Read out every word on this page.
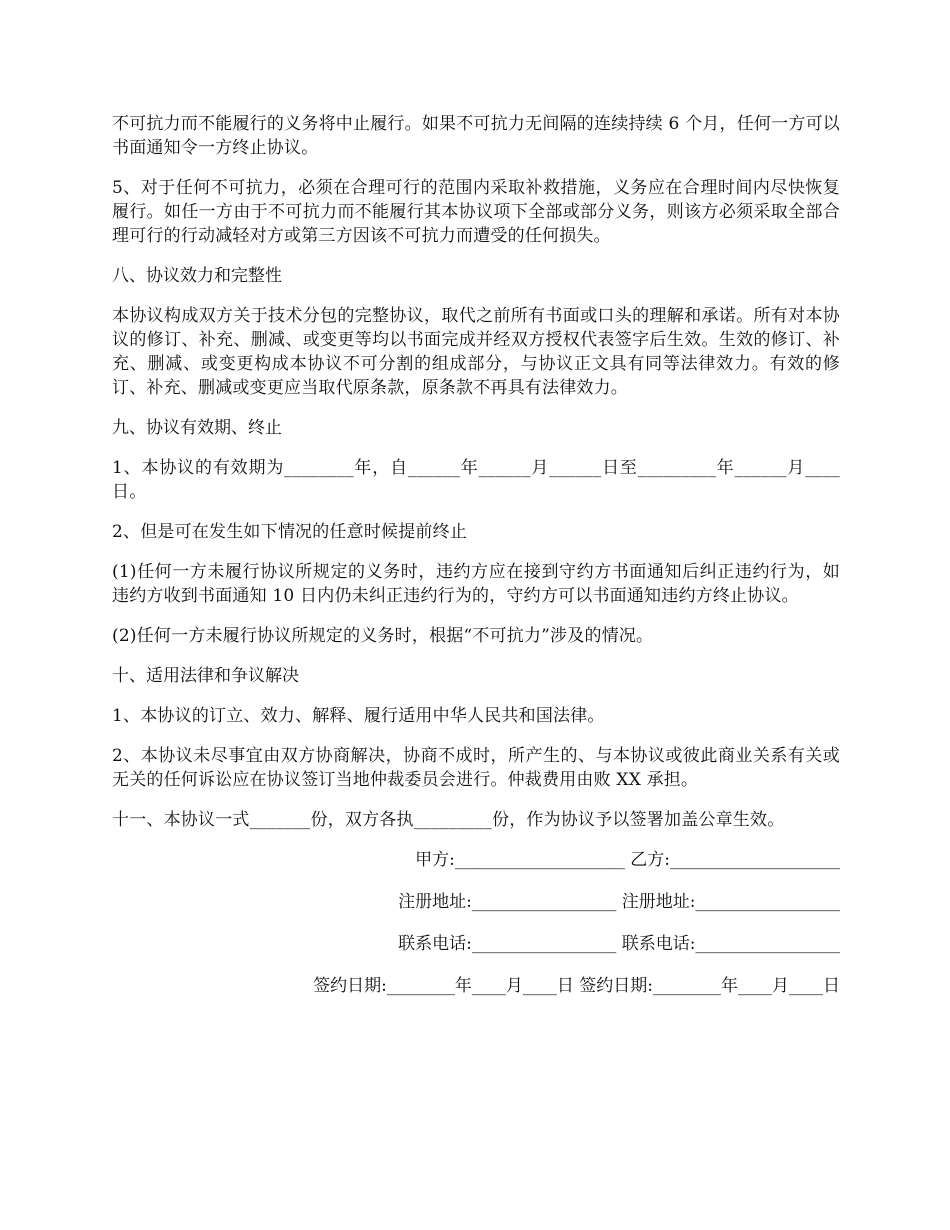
不可抗力而不能履行的义务将中止履行。如果不可抗力无间隔的连续持续 6 个月，任何一方可以书面通知令一方终止协议。

5、对于任何不可抗力，必须在合理可行的范围内采取补救措施，义务应在合理时间内尽快恢复履行。如任一方由于不可抗力而不能履行其本协议项下全部或部分义务，则该方必须采取全部合理可行的行动减轻对方或第三方因该不可抗力而遭受的任何损失。

八、协议效力和完整性

本协议构成双方关于技术分包的完整协议，取代之前所有书面或口头的理解和承诺。所有对本协议的修订、补充、删减、或变更等均以书面完成并经双方授权代表签字后生效。生效的修订、补充、删减、或变更构成本协议不可分割的组成部分，与协议正文具有同等法律效力。有效的修订、补充、删减或变更应当取代原条款，原条款不再具有法律效力。

九、协议有效期、终止

1、本协议的有效期为________年，自______年______月______日至_________年______月____日。

2、但是可在发生如下情况的任意时候提前终止

(1)任何一方未履行协议所规定的义务时，违约方应在接到守约方书面通知后纠正违约行为，如违约方收到书面通知 10 日内仍未纠正违约行为的，守约方可以书面通知违约方终止协议。

(2)任何一方未履行协议所规定的义务时，根据“不可抗力”涉及的情况。

十、适用法律和争议解决

1、本协议的订立、效力、解释、履行适用中华人民共和国法律。

2、本协议未尽事宜由双方协商解决，协商不成时，所产生的、与本协议或彼此商业关系有关或无关的任何诉讼应在协议签订当地仲裁委员会进行。仲裁费用由败 XX 承担。

十一、本协议一式_______份，双方各执_________份，作为协议予以签署加盖公章生效。

甲方:____________________ 乙方:____________________
注册地址:_________________ 注册地址:_________________
联系电话:_________________ 联系电话:_________________
签约日期:________年____月____日 签约日期:________年____月____日
